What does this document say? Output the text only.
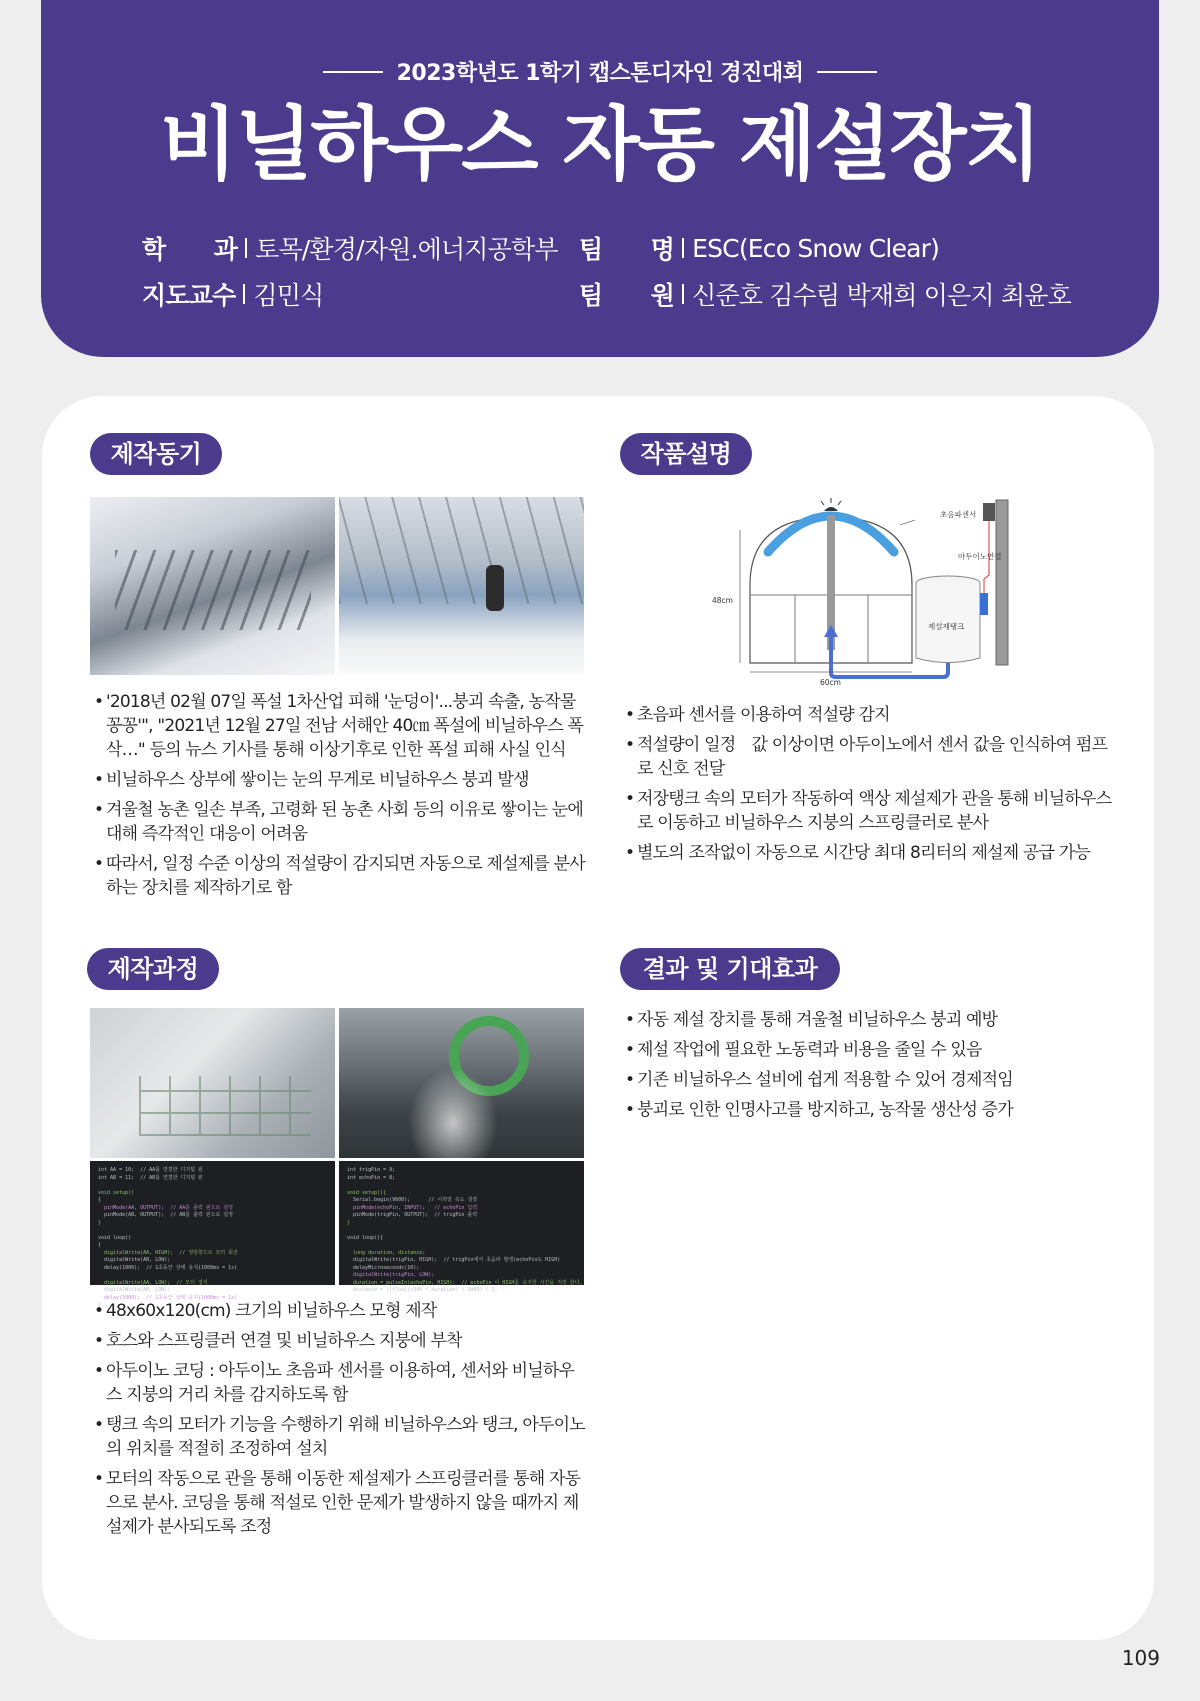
2023학년도 1학기 캡스톤디자인 경진대회
비닐하우스 자동 제설장치
학　　과 토목/환경/자원.에너지공학부 팀　　명 ESC(Eco Snow Clear)
지도교수 김민식	팀　　원 신준호 김수림 박재희 이은지 최윤호
제작동기
• '2018년 02월 07일 폭설 1차산업 피해 '눈덩이'...붕괴 속출, 농작물 꽁꽁'", "2021년 12월 27일 전남 서해안 40㎝ 폭설에 비닐하우스 폭삭…" 등의 뉴스 기사를 통해 이상기후로 인한 폭설 피해 사실 인식
• 비닐하우스 상부에 쌓이는 눈의 무게로 비닐하우스 붕괴 발생
• 겨울철 농촌 일손 부족, 고령화 된 농촌 사회 등의 이유로 쌓이는 눈에 대해 즉각적인 대응이 어려움
• 따라서, 일정 수준 이상의 적설량이 감지되면 자동으로 제설제를 분사하는 장치를 제작하기로 함
작품설명
48cm
60cm
초음파센서
아두이노연결
제설제탱크
• 초음파 센서를 이용하여 적설량 감지
• 적설량이 일정　값 이상이면 아두이노에서 센서 값을 인식하여 펌프로 신호 전달
• 저장탱크 속의 모터가 작동하여 액상 제설제가 관을 통해 비닐하우스로 이동하고 비닐하우스 지붕의 스프링클러로 분사
• 별도의 조작없이 자동으로 시간당 최대 8리터의 제설제 공급 가능
제작과정
int AA = 10;  // AA를 연결한 디지털 핀
int AB = 11;  // AB를 연결한 디지털 핀

void setup()
{
pinMode(AA, OUTPUT);  // AA를 출력 핀으로 설정
pinMode(AB, OUTPUT);  // AB를 출력 핀으로 설정
}

void loop()
{
digitalWrite(AA, HIGH);  // 정방향으로 모터 회전
digitalWrite(AB, LOW);
delay(1000);  // 1초동안 상태 유지(1000ms = 1s)

digitalWrite(AA, LOW);  // 모터 정지
digitalWrite(AB, LOW);
delay(1000);  // 1초동안 상태 유지(1000ms = 1s)
}
int trigPin = 9;
int echoPin = 8;

void setup(){
Serial.begin(9600);      // 시리얼 속도 설정
pinMode(echoPin, INPUT);   // echoPin 입력
pinMode(trigPin, OUTPUT);  // trigPin 출력
}

void loop(){

long duration, distance;
digitalWrite(trigPin, HIGH);  // trigPin에서 초음파 발생(echoPin도 HIGH)
delayMicroseconds(10);
digitalWrite(trigPin, LOW);
duration = pulseIn(echoPin, HIGH);  // echoPin 이 HIGH를 유지한 시간을 저장 한다.
distance = ((float)(340 * duration) / 1000) / 2;
• 48x60x120(cm) 크기의 비닐하우스 모형 제작
• 호스와 스프링클러 연결 및 비닐하우스 지붕에 부착
• 아두이노 코딩 : 아두이노 초음파 센서를 이용하여, 센서와 비닐하우스 지붕의 거리 차를 감지하도록 함
• 탱크 속의 모터가 기능을 수행하기 위해 비닐하우스와 탱크, 아두이노의 위치를 적절히 조정하여 설치
• 모터의 작동으로 관을 통해 이동한 제설제가 스프링클러를 통해 자동으로 분사. 코딩을 통해 적설로 인한 문제가 발생하지 않을 때까지 제설제가 분사되도록 조정
결과 및 기대효과
• 자동 제설 장치를 통해 겨울철 비닐하우스 붕괴 예방
• 제설 작업에 필요한 노동력과 비용을 줄일 수 있음
• 기존 비닐하우스 설비에 쉽게 적용할 수 있어 경제적임
• 붕괴로 인한 인명사고를 방지하고, 농작물 생산성 증가
109
